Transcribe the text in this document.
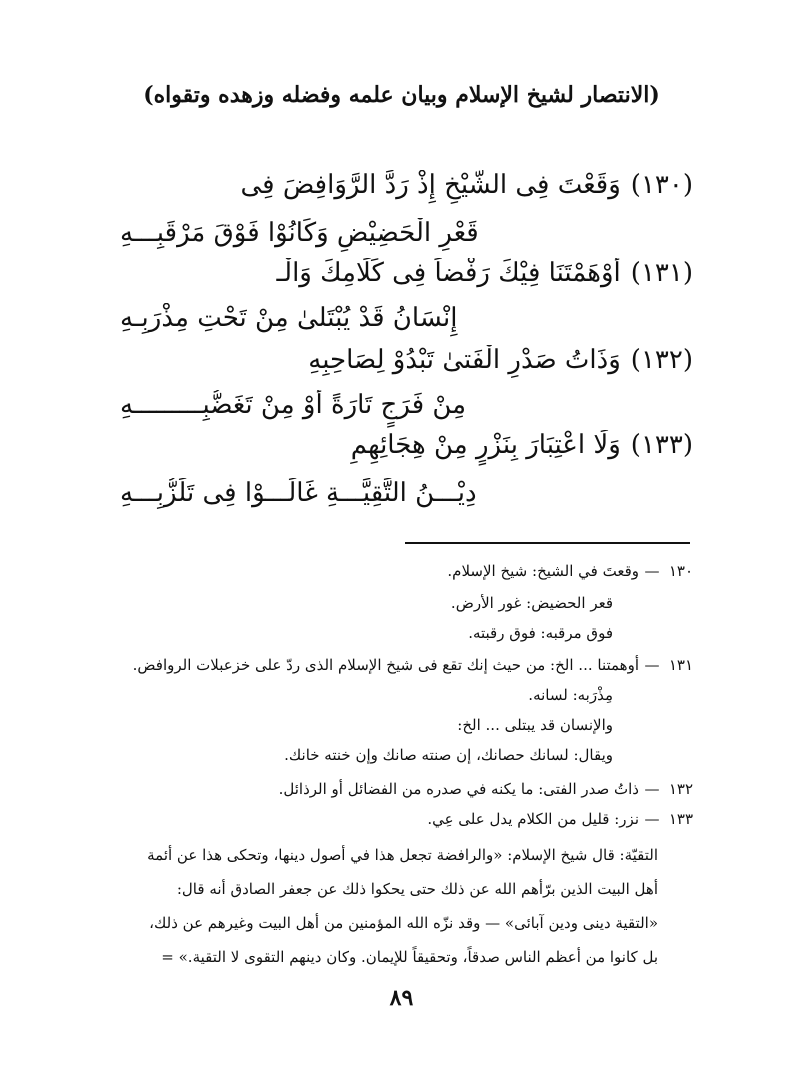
(الانتصار لشيخ الإسلام وبيان علمه وفضله وزهده وتقواه)
(١٣٠)وَقَعْتَ فِى الشَّيْخِ إِذْ رَدَّ الرَّوَافِضَ فِى
قَعْرِ الْحَضِيْضِ وَكَانُوْا فَوْقَ مَرْقَبِـــهِ
(١٣١)أَوْهَمْتَنَا فِيْكَ رَفْضاً فِى كَلَامِكَ وَالْـ
إِنْسَانُ قَدْ يُبْتَلىٰ مِنْ تَحْتِ مِذْرَبِـهِ
(١٣٢)وَذَاتُ صَدْرِ الْفَتىٰ تَبْدُوْ لِصَاحِبِهِ
مِنْ فَرَجٍ تَارَةً أَوْ مِنْ تَغَضُّبِـــــــــهِ
(١٣٣)وَلَا اعْتِبَارَ بِنَزْرٍ مِنْ هِجَائِهِمِ
دِيْـــنُ التَّقِيَّـــةِ غَالَـــوْا فِى تَلَزُّبِـــهِ
١٣٠—وقعتَ في الشيخ: شيخ الإسلام.
قعر الحضيض: غور الأرض.
فوق مرقبه: فوق رقبته.
١٣١—أوهمتنا ... الخ: من حيث إنك تقع فى شيخ الإسلام الذى ردّ على خزعبلات الروافض.
مِذْرَبه: لسانه.
والإنسان قد يبتلى ... الخ:
ويقال: لسانك حصانك، إن صنته صانك وإن خنته خانك.
١٣٢—ذاتُ صدر الفتى: ما يكنه في صدره من الفضائل أو الرذائل.
١٣٣—نزر: قليل من الكلام يدل على عِي.
التقيّة: قال شيخ الإسلام: «والرافضة تجعل هذا في أصول دينها، وتحكى هذا عن أئمة
أهل البيت الذين برّأهم الله عن ذلك حتى يحكوا ذلك عن جعفر الصادق أنه قال:
«التقية دينى ودين آبائى» — وقد نزّه الله المؤمنين من أهل البيت وغيرهم عن ذلك،
بل كانوا من أعظم الناس صدقاً، وتحقيقاً للإيمان. وكان دينهم التقوى لا التقية.» =
٨٩
